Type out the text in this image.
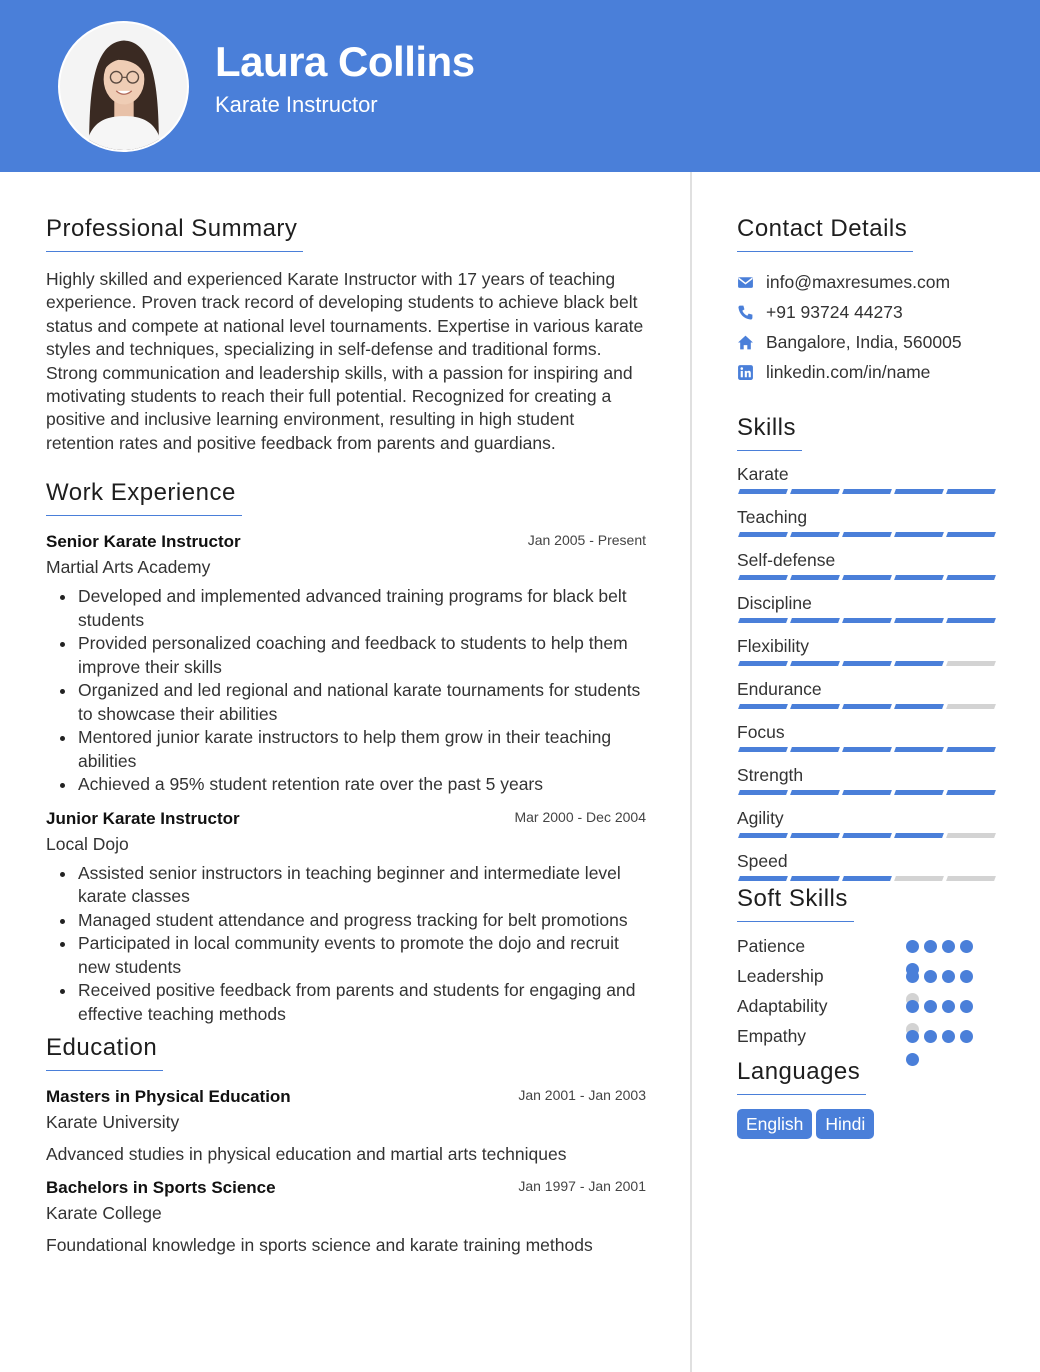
Laura Collins
Karate Instructor
Professional Summary

Highly skilled and experienced Karate Instructor with 17 years of teaching experience. Proven track record of developing students to achieve black belt status and compete at national level tournaments. Expertise in various karate styles and techniques, specializing in self-defense and traditional forms. Strong communication and leadership skills, with a passion for inspiring and motivating students to reach their full potential. Recognized for creating a positive and inclusive learning environment, resulting in high student retention rates and positive feedback from parents and guardians.

Work Experience
Senior Karate Instructor	Jan 2005 - Present
Martial Arts Academy
Developed and implemented advanced training programs for black belt students
Provided personalized coaching and feedback to students to help them improve their skills
Organized and led regional and national karate tournaments for students to showcase their abilities
Mentored junior karate instructors to help them grow in their teaching abilities
Achieved a 95% student retention rate over the past 5 years
Junior Karate Instructor	Mar 2000 - Dec 2004
Local Dojo
Assisted senior instructors in teaching beginner and intermediate level karate classes
Managed student attendance and progress tracking for belt promotions
Participated in local community events to promote the dojo and recruit new students
Received positive feedback from parents and students for engaging and effective teaching methods
Education
Masters in Physical Education	Jan 2001 - Jan 2003
Karate University
Advanced studies in physical education and martial arts techniques
Bachelors in Sports Science	Jan 1997 - Jan 2001
Karate College
Foundational knowledge in sports science and karate training methods
Contact Details
info@maxresumes.com
+91 93724 44273
Bangalore, India, 560005
linkedin.com/in/name
Skills
Karate
Teaching
Self-defense
Discipline
Flexibility
Endurance
Focus
Strength
Agility
Speed
Soft Skills
Patience
Leadership
Adaptability
Empathy
Languages
English Hindi
